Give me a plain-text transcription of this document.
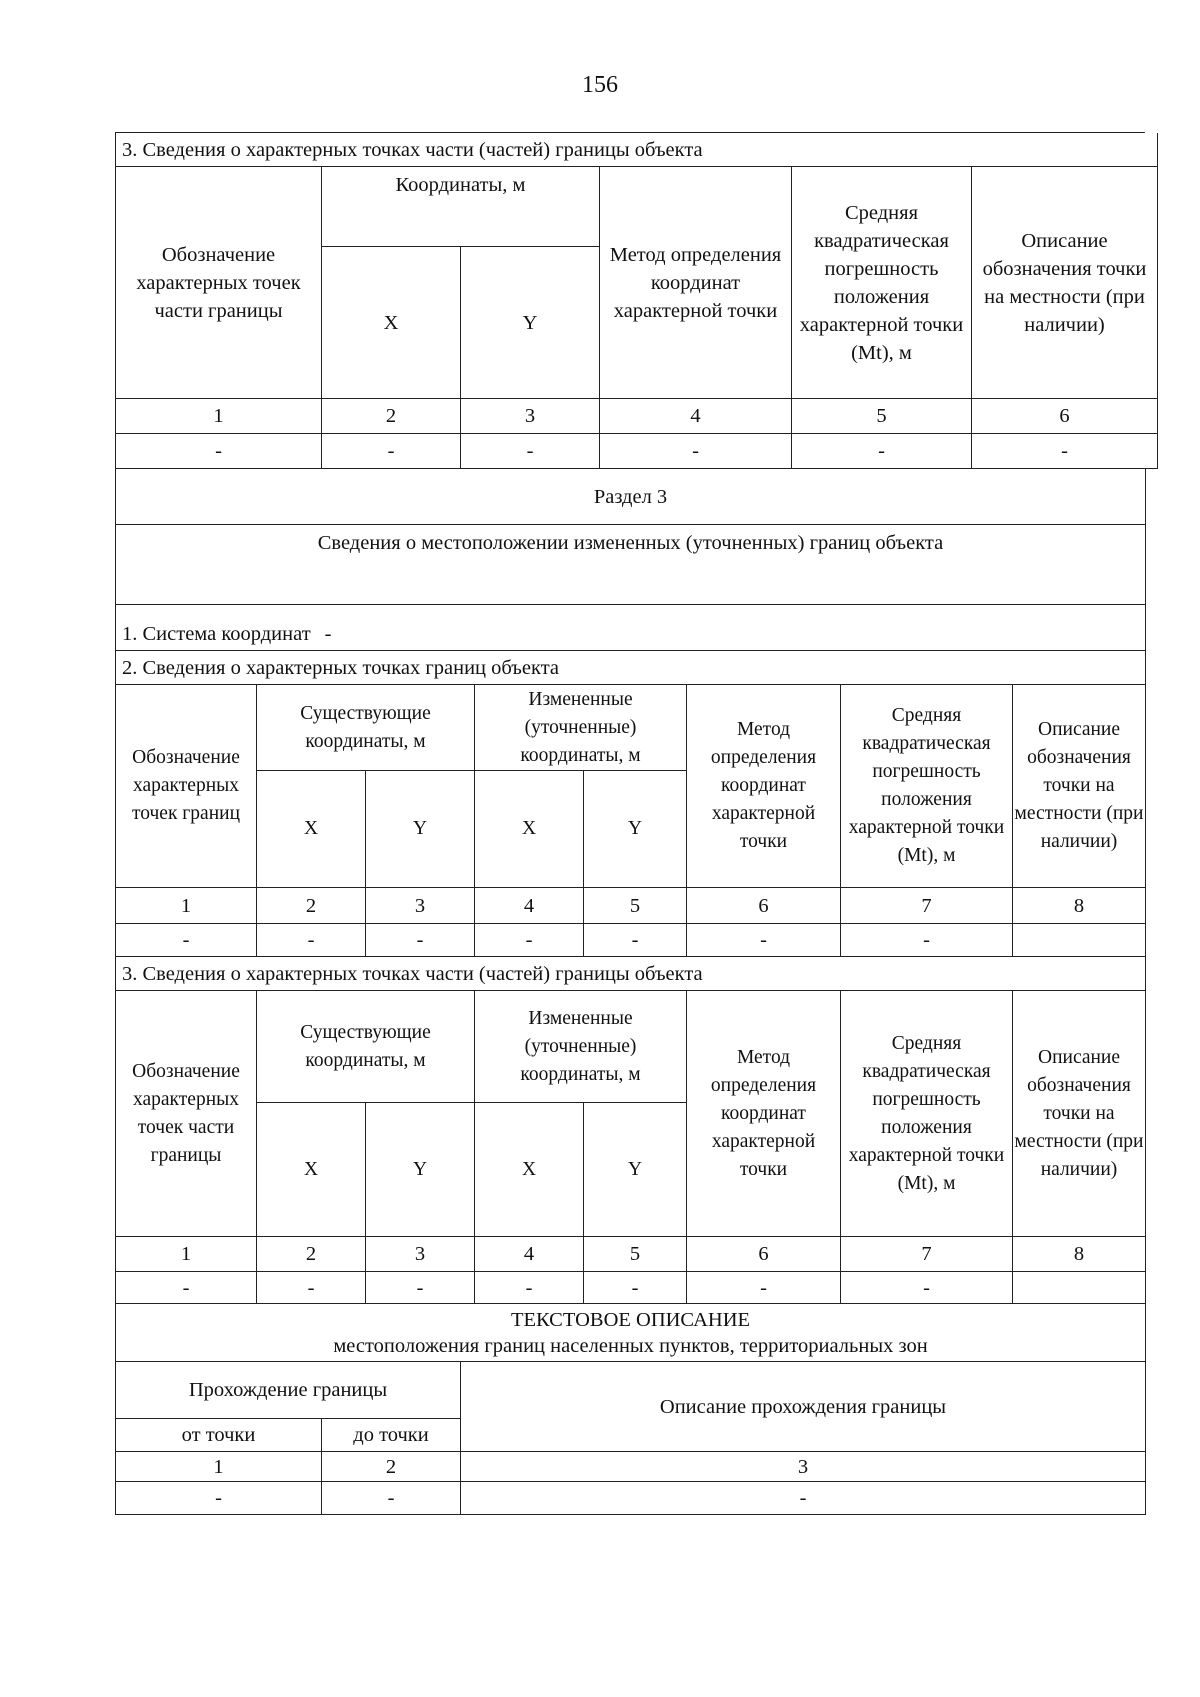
156
3. Сведения о характерных точках части (частей) границы объекта
Обозначение характерных точек части границы
Координаты, м
X	Y
Метод определения координат характерной точки
Средняя квадратическая погрешность положения характерной точки (Mt), м
Описание обозначения точки на местности (при наличии)
1	2	3	4	5	6
-	-	-	-	-	-
Раздел 3
Сведения о местоположении измененных (уточненных) границ объекта
1. Система координат -
2. Сведения о характерных точках границ объекта
Обозначение характерных точек границ
Существующие координаты, м
Измененные (уточненные) координаты, м
X	Y	X	Y
Метод определения координат характерной точки
Средняя квадратическая погрешность положения характерной точки (Mt), м
Описание обозначения точки на местности (при наличии)
1	2	3	4	5	6	7	8
-	-	-	-	-	-	-
3. Сведения о характерных точках части (частей) границы объекта
Обозначение характерных точек части границы
Существующие координаты, м
Измененные (уточненные) координаты, м
X	Y	X	Y
Метод определения координат характерной точки
Средняя квадратическая погрешность положения характерной точки (Mt), м
Описание обозначения точки на местности (при наличии)
1	2	3	4	5	6	7	8
-	-	-	-	-	-	-
ТЕКСТОВОЕ ОПИСАНИЕ
местоположения границ населенных пунктов, территориальных зон
Прохождение границы
от точки	до точки
Описание прохождения границы
1	2	3
-	-	-
